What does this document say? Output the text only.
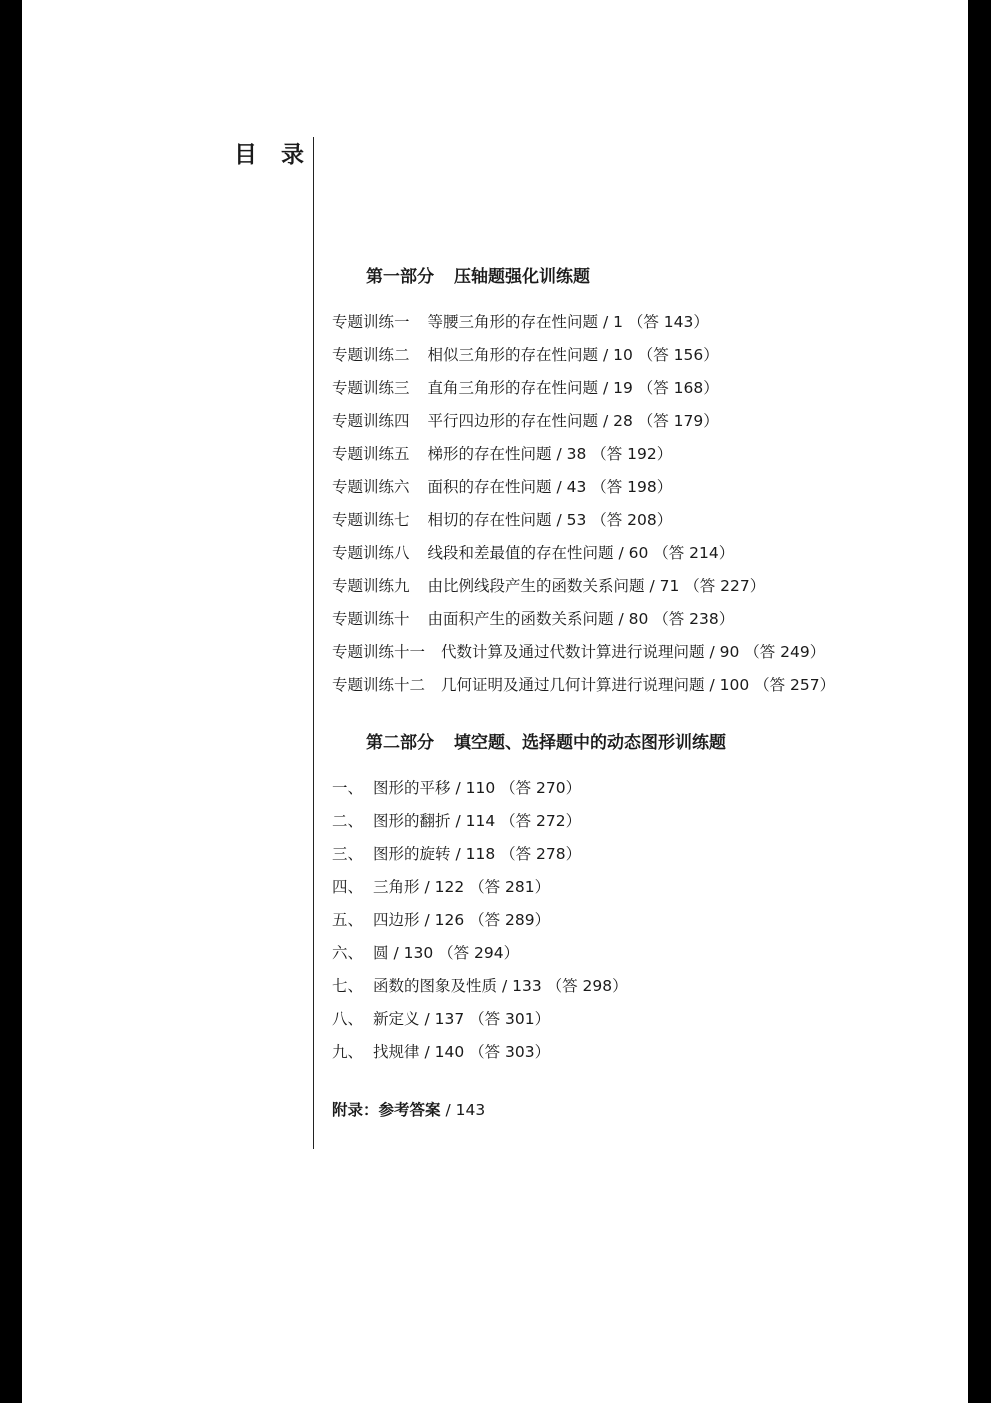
目 录
第一部分 压轴题强化训练题
专题训练一 等腰三角形的存在性问题 / 1 （答 143）
专题训练二 相似三角形的存在性问题 / 10 （答 156）
专题训练三 直角三角形的存在性问题 / 19 （答 168）
专题训练四 平行四边形的存在性问题 / 28 （答 179）
专题训练五 梯形的存在性问题 / 38 （答 192）
专题训练六 面积的存在性问题 / 43 （答 198）
专题训练七 相切的存在性问题 / 53 （答 208）
专题训练八 线段和差最值的存在性问题 / 60 （答 214）
专题训练九 由比例线段产生的函数关系问题 / 71 （答 227）
专题训练十 由面积产生的函数关系问题 / 80 （答 238）
专题训练十一 代数计算及通过代数计算进行说理问题 / 90 （答 249）
专题训练十二 几何证明及通过几何计算进行说理问题 / 100 （答 257）
第二部分 填空题、选择题中的动态图形训练题
一、 图形的平移 / 110 （答 270）
二、 图形的翻折 / 114 （答 272）
三、 图形的旋转 / 118 （答 278）
四、 三角形 / 122 （答 281）
五、 四边形 / 126 （答 289）
六、 圆 / 130 （答 294）
七、 函数的图象及性质 / 133 （答 298）
八、 新定义 / 137 （答 301）
九、 找规律 / 140 （答 303）
附录：参考答案 / 143
